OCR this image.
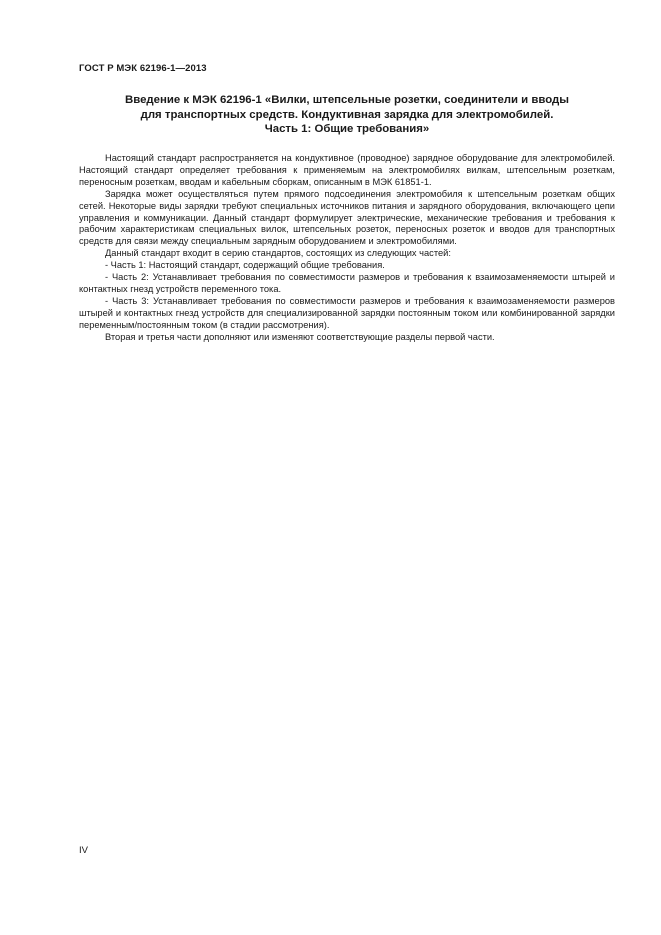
ГОСТ Р МЭК 62196-1—2013
Введение к МЭК 62196-1 «Вилки, штепсельные розетки, соединители и вводы
для транспортных средств. Кондуктивная зарядка для электромобилей.
Часть 1: Общие требования»

Настоящий стандарт распространяется на кондуктивное (проводное) зарядное оборудование для электромобилей. Настоящий стандарт определяет требования к применяемым на электромобилях вилкам, штепсельным розеткам, переносным розеткам, вводам и кабельным сборкам, описанным в МЭК 61851-1.

Зарядка может осуществляться путем прямого подсоединения электромобиля к штепсельным розеткам общих сетей. Некоторые виды зарядки требуют специальных источников питания и зарядного оборудования, включающего цепи управления и коммуникации. Данный стандарт формулирует электрические, механические требования и требования к рабочим характеристикам специальных вилок, штепсельных розеток, переносных розеток и вводов для транспортных средств для связи между специальным зарядным оборудованием и электромобилями.

Данный стандарт входит в серию стандартов, состоящих из следующих частей:

- Часть 1: Настоящий стандарт, содержащий общие требования.

- Часть 2: Устанавливает требования по совместимости размеров и требования к взаимозаменяемости штырей и контактных гнезд устройств переменного тока.

- Часть 3: Устанавливает требования по совместимости размеров и требования к взаимозаменяемости размеров штырей и контактных гнезд устройств для специализированной зарядки постоянным током или комбинированной зарядки переменным/постоянным током (в стадии рассмотрения).

Вторая и третья части дополняют или изменяют соответствующие разделы первой части.

IV
